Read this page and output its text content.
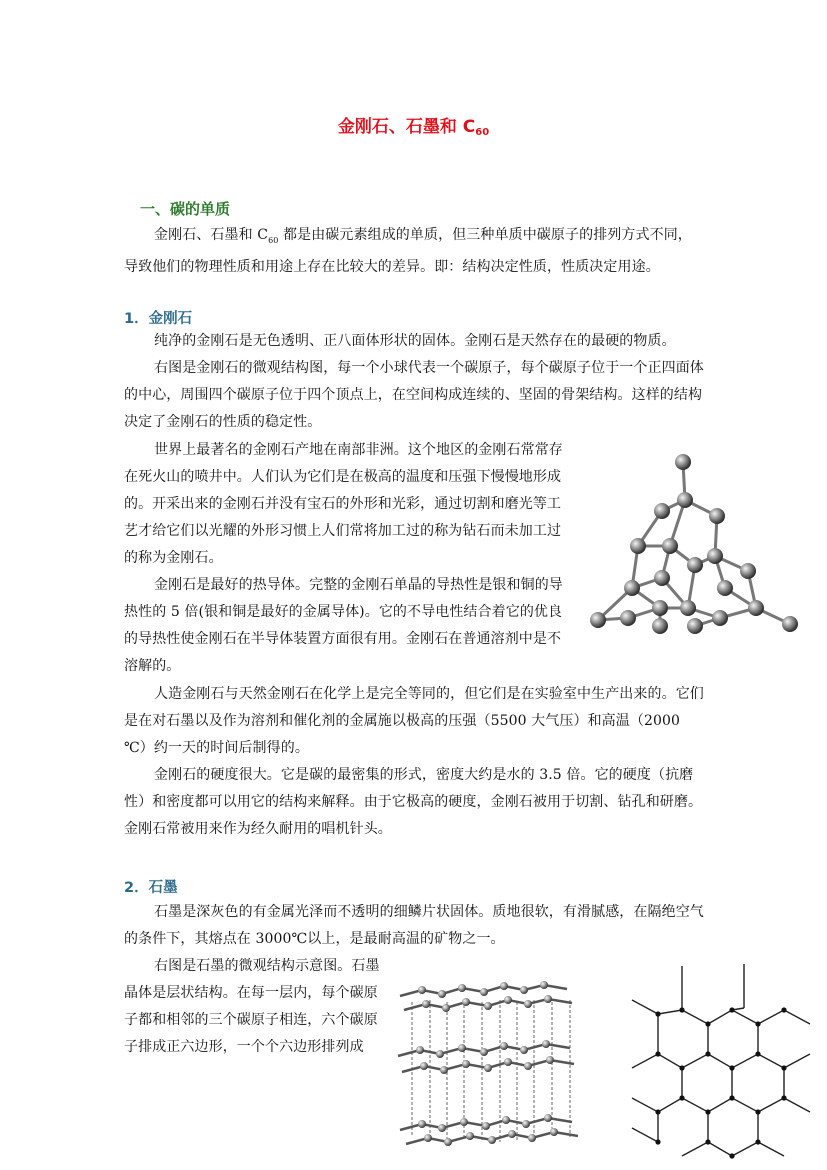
金刚石、石墨和 $C_{60}$
一、碳的单质
金刚石、石墨和 $C_{60}$ 都是由碳元素组成的单质，但三种单质中碳原子的排列方式不同，导致他们的物理性质和用途上存在比较大的差异。即：结构决定性质，性质决定用途。
1．金刚石
纯净的金刚石是无色透明、正八面体形状的固体。金刚石是天然存在的最硬的物质。
右图是金刚石的微观结构图，每一个小球代表一个碳原子，每个碳原子位于一个正四面体的中心，周围四个碳原子位于四个顶点上，在空间构成连续的、坚固的骨架结构。这样的结构决定了金刚石的性质的稳定性。
世界上最著名的金刚石产地在南部非洲。这个地区的金刚石常常存在死火山的喷井中。人们认为它们是在极高的温度和压强下慢慢地形成的。开采出来的金刚石并没有宝石的外形和光彩，通过切割和磨光等工艺才给它们以光耀的外形习惯上人们常将加工过的称为钻石而未加工过的称为金刚石。
金刚石是最好的热导体。完整的金刚石单晶的导热性是银和铜的导热性的 5 倍(银和铜是最好的金属导体)。它的不导电性结合着它的优良的导热性使金刚石在半导体装置方面很有用。金刚石在普通溶剂中是不溶解的。
人造金刚石与天然金刚石在化学上是完全等同的，但它们是在实验室中生产出来的。它们是在对石墨以及作为溶剂和催化剂的金属施以极高的压强（5500 大气压）和高温（2000 ℃）约一天的时间后制得的。
金刚石的硬度很大。它是碳的最密集的形式，密度大约是水的 3.5 倍。它的硬度（抗磨性）和密度都可以用它的结构来解释。由于它极高的硬度，金刚石被用于切割、钻孔和研磨。金刚石常被用来作为经久耐用的唱机针头。
2．石墨
石墨是深灰色的有金属光泽而不透明的细鳞片状固体。质地很软，有滑腻感，在隔绝空气的条件下，其熔点在 3000℃以上，是最耐高温的矿物之一。
右图是石墨的微观结构示意图。石墨晶体是层状结构。在每一层内，每个碳原子都和相邻的三个碳原子相连，六个碳原子排成正六边形，一个个六边形排列成
